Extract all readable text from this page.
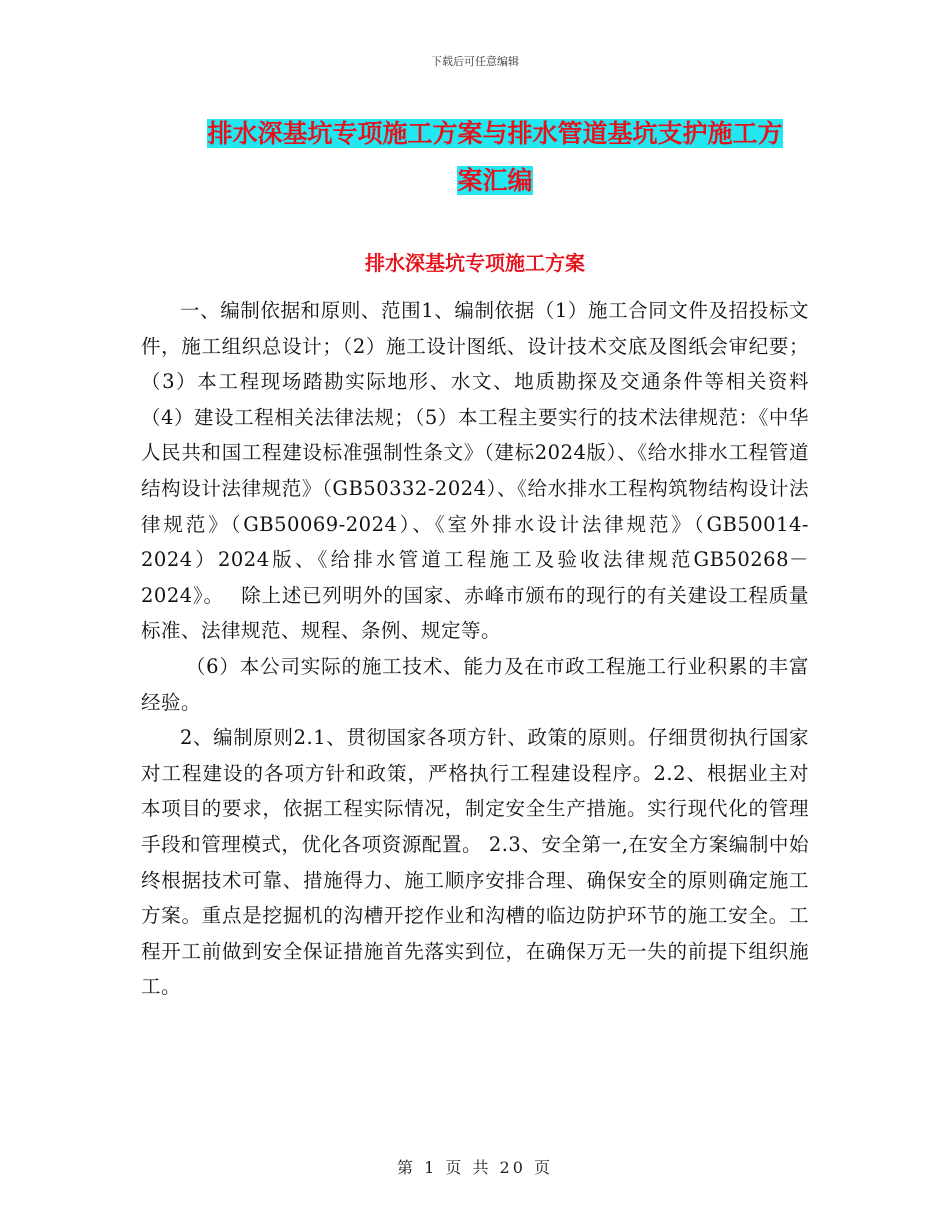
下载后可任意编辑
排水深基坑专项施工方案与排水管道基坑支护施工方
案汇编
排水深基坑专项施工方案

一、编制依据和原则、范围1、编制依据（1）施工合同文件及招投标文件，施工组织总设计；（2）施工设计图纸、设计技术交底及图纸会审纪要；（3）本工程现场踏勘实际地形、水文、地质勘探及交通条件等相关资料（4）建设工程相关法律法规；（5）本工程主要实行的技术法律规范：《中华人民共和国工程建设标准强制性条文》（建标2024版）、《给水排水工程管道结构设计法律规范》（GB50332-2024）、《给水排水工程构筑物结构设计法律规范》（GB50069-2024）、《室外排水设计法律规范》（GB50014-2024）2024版、《给排水管道工程施工及验收法律规范GB50268－2024》。　 除上述已列明外的国家、赤峰市颁布的现行的有关建设工程质量标准、法律规范、规程、条例、规定等。

（6）本公司实际的施工技术、能力及在市政工程施工行业积累的丰富经验。

2、编制原则2.1、贯彻国家各项方针、政策的原则。仔细贯彻执行国家对工程建设的各项方针和政策，严格执行工程建设程序。2.2、根据业主对本项目的要求，依据工程实际情况，制定安全生产措施。实行现代化的管理手段和管理模式，优化各项资源配置。 2.3、安全第一,在安全方案编制中始终根据技术可靠、措施得力、施工顺序安排合理、确保安全的原则确定施工方案。重点是挖掘机的沟槽开挖作业和沟槽的临边防护环节的施工安全。工程开工前做到安全保证措施首先落实到位，在确保万无一失的前提下组织施工。

第 1 页 共 20 页
